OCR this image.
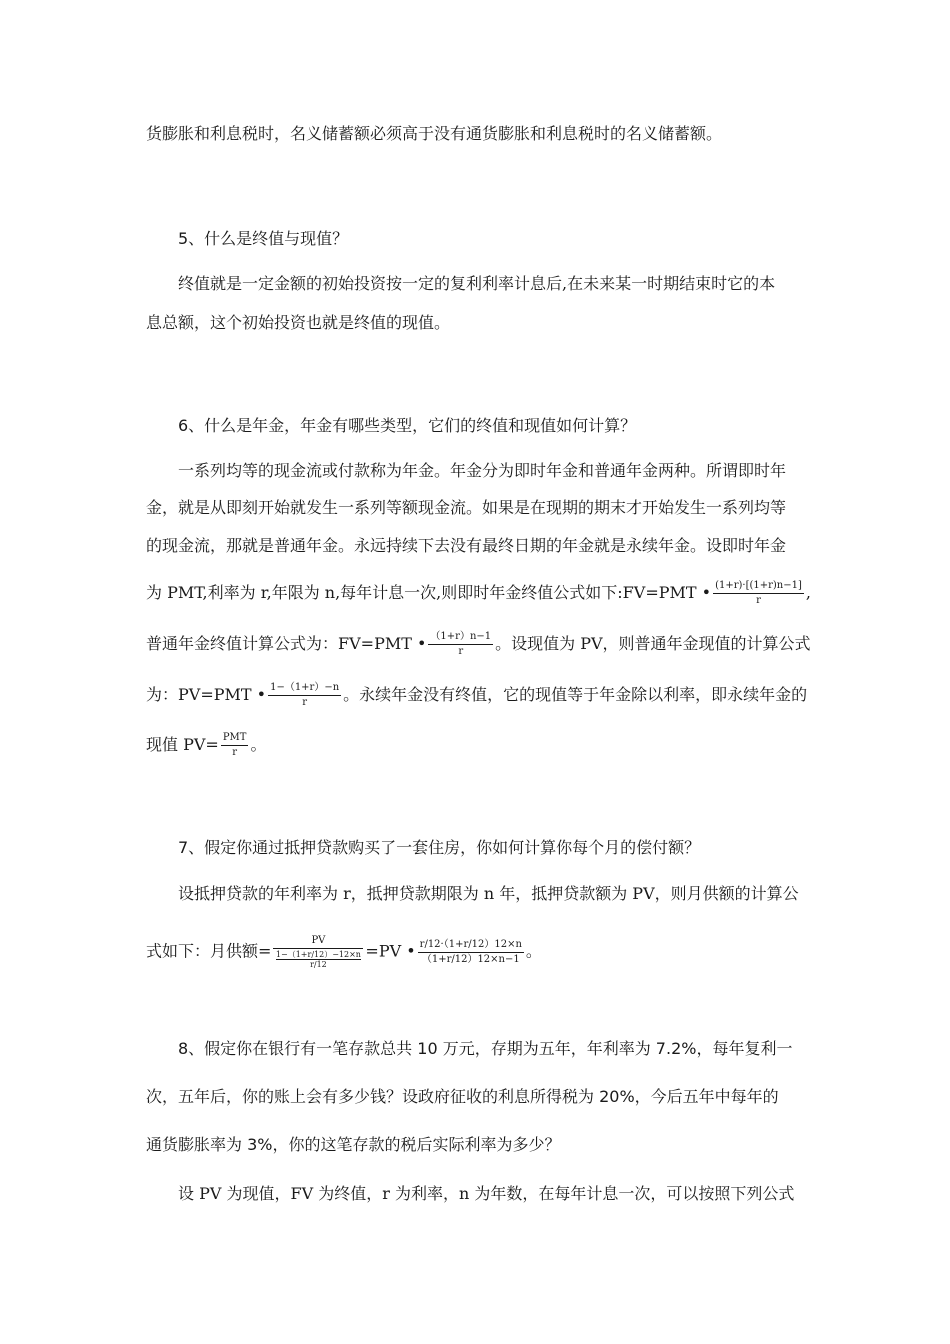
货膨胀和利息税时，名义储蓄额必须高于没有通货膨胀和利息税时的名义储蓄额。
5、什么是终值与现值？
终值就是一定金额的初始投资按一定的复利利率计息后,在未来某一时期结束时它的本
息总额，这个初始投资也就是终值的现值。
6、什么是年金，年金有哪些类型，它们的终值和现值如何计算？
一系列均等的现金流或付款称为年金。年金分为即时年金和普通年金两种。所谓即时年
金，就是从即刻开始就发生一系列等额现金流。如果是在现期的期末才开始发生一系列均等
的现金流，那就是普通年金。永远持续下去没有最终日期的年金就是永续年金。设即时年金
为 PMT,利率为 r,年限为 n,每年计息一次,则即时年金终值公式如下:FV=PMT • $\frac{(1+r)\cdot[(1+r)n-1]}{r}$ ,
普通年金终值计算公式为：FV=PMT • $\frac{(1+r)n-1}{r}$ 。设现值为 PV，则普通年金现值的计算公式
为：PV=PMT • $\frac{1-(1+r)-n}{r}$ 。永续年金没有终值，它的现值等于年金除以利率，即永续年金的
现值 $PV= \frac{\text{PMT}}{r}$ 。
7、假定你通过抵押贷款购买了一套住房，你如何计算你每个月的偿付额？
设抵押贷款的年利率为 r，抵押贷款期限为 n 年，抵押贷款额为 PV，则月供额的计算公
式如下：月供额= $\frac{PV}{\frac{1-(1+r/12)-12\times n}{r/12}} =PV$ • $\frac{r/12\cdot(1+r/12)12\times n}{(1+r/12)12\times n-1}$ 。
8、假定你在银行有一笔存款总共 10 万元，存期为五年，年利率为 7.2%，每年复利一
次，五年后，你的账上会有多少钱？设政府征收的利息所得税为 20%，今后五年中每年的
通货膨胀率为 3%，你的这笔存款的税后实际利率为多少？
设 PV 为现值，FV 为终值，r 为利率，n 为年数，在每年计息一次，可以按照下列公式
